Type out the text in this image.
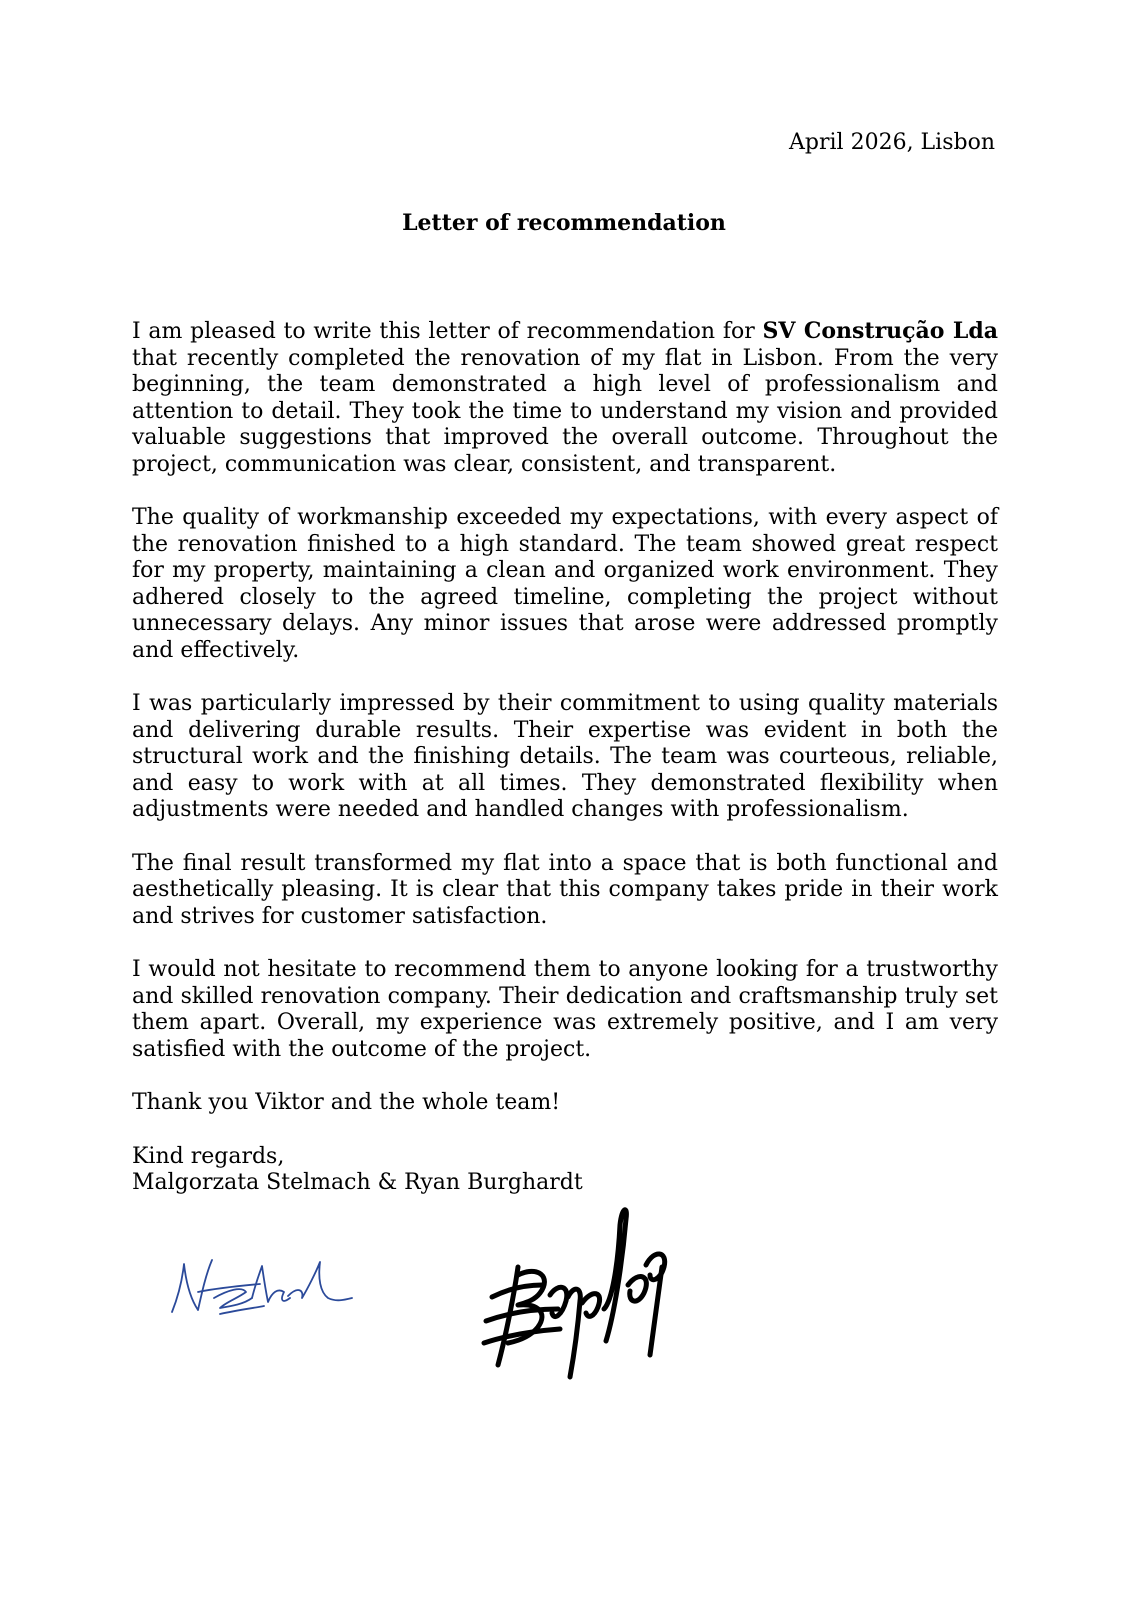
April 2026, Lisbon
Letter of recommendation

I am pleased to write this letter of recommendation for SV Construção Lda that recently completed the renovation of my flat in Lisbon. From the very beginning, the team demonstrated a high level of professionalism and attention to detail. They took the time to understand my vision and provided valuable suggestions that improved the overall outcome. Throughout the project, communication was clear, consistent, and transparent.

The quality of workmanship exceeded my expectations, with every aspect of the renovation finished to a high standard. The team showed great respect for my property, maintaining a clean and organized work environment. They adhered closely to the agreed timeline, completing the project without unnecessary delays. Any minor issues that arose were addressed promptly and effectively.

I was particularly impressed by their commitment to using quality materials and delivering durable results. Their expertise was evident in both the structural work and the finishing details. The team was courteous, reliable, and easy to work with at all times. They demonstrated flexibility when adjustments were needed and handled changes with professionalism.

The final result transformed my flat into a space that is both functional and aesthetically pleasing. It is clear that this company takes pride in their work and strives for customer satisfaction.

I would not hesitate to recommend them to anyone looking for a trustworthy and skilled renovation company. Their dedication and craftsmanship truly set them apart. Overall, my experience was extremely positive, and I am very satisfied with the outcome of the project.

Thank you Viktor and the whole team!

Kind regards,
Malgorzata Stelmach & Ryan Burghardt
